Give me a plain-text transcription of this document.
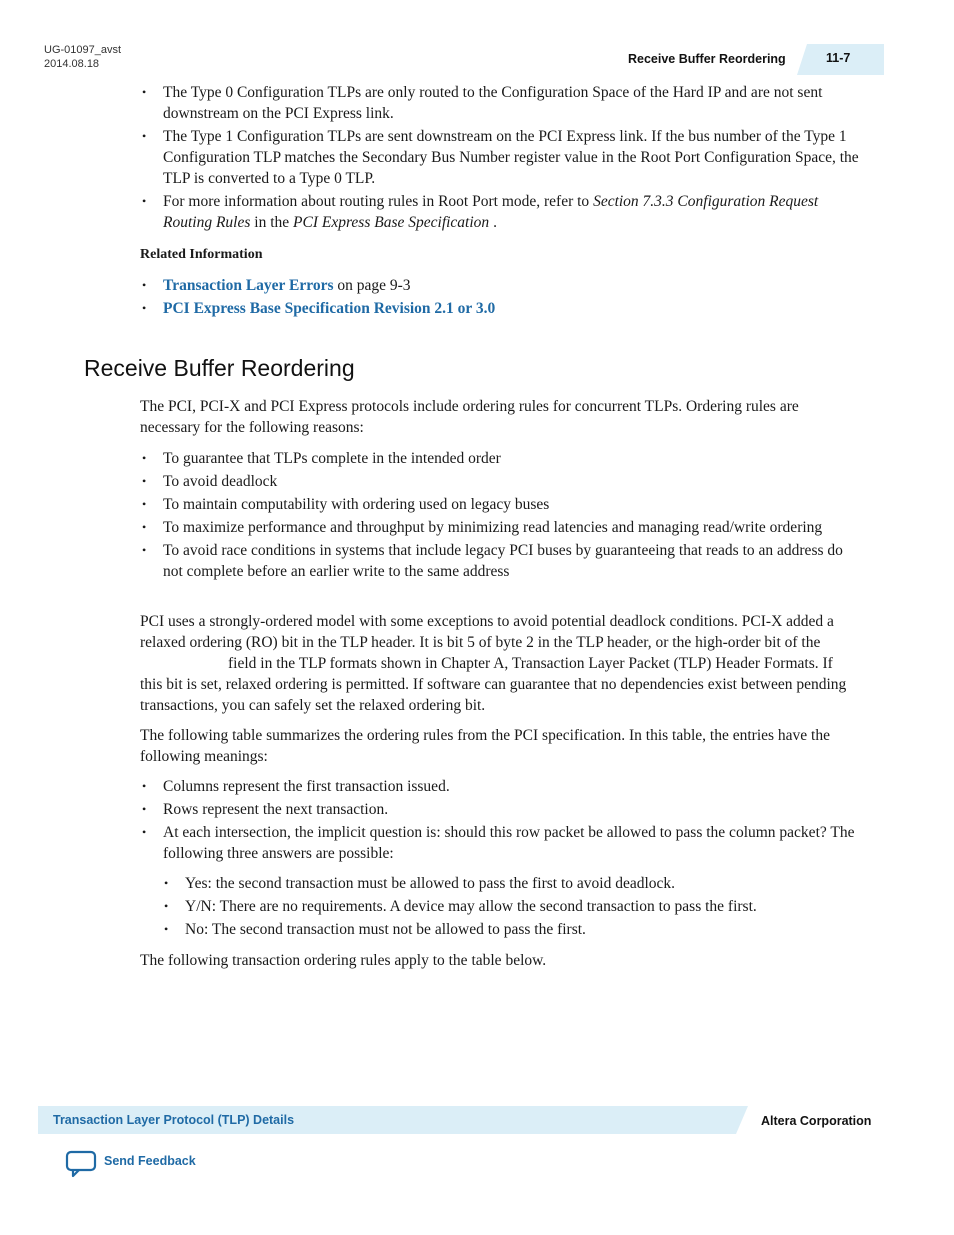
UG-01097_avst
2014.08.18	Receive Buffer Reordering	11-7
• The Type 0 Configuration TLPs are only routed to the Configuration Space of the Hard IP and are not sent downstream on the PCI Express link.
• The Type 1 Configuration TLPs are sent downstream on the PCI Express link. If the bus number of the Type 1 Configuration TLP matches the Secondary Bus Number register value in the Root Port Configuration Space, the TLP is converted to a Type 0 TLP.
• For more information about routing rules in Root Port mode, refer to Section 7.3.3 Configuration Request Routing Rules in the PCI Express Base Specification .
Related Information
• Transaction Layer Errors on page 9-3
• PCI Express Base Specification Revision 2.1 or 3.0
Receive Buffer Reordering

The PCI, PCI-X and PCI Express protocols include ordering rules for concurrent TLPs. Ordering rules are necessary for the following reasons:

• To guarantee that TLPs complete in the intended order
• To avoid deadlock
• To maintain computability with ordering used on legacy buses
• To maximize performance and throughput by minimizing read latencies and managing read/write ordering
• To avoid race conditions in systems that include legacy PCI buses by guaranteeing that reads to an address do not complete before an earlier write to the same address

PCI uses a strongly-ordered model with some exceptions to avoid potential deadlock conditions. PCI-X added a relaxed ordering (RO) bit in the TLP header. It is bit 5 of byte 2 in the TLP header, or the high-order bit of the field in the TLP formats shown in Chapter A, Transaction Layer Packet (TLP) Header Formats. If this bit is set, relaxed ordering is permitted. If software can guarantee that no dependencies exist between pending transactions, you can safely set the relaxed ordering bit.

The following table summarizes the ordering rules from the PCI specification. In this table, the entries have the following meanings:

• Columns represent the first transaction issued.
• Rows represent the next transaction.
• At each intersection, the implicit question is: should this row packet be allowed to pass the column packet? The following three answers are possible:
• Yes: the second transaction must be allowed to pass the first to avoid deadlock.
• Y/N: There are no requirements. A device may allow the second transaction to pass the first.
• No: The second transaction must not be allowed to pass the first.

The following transaction ordering rules apply to the table below.

Transaction Layer Protocol (TLP) Details	Altera Corporation
Send Feedback
